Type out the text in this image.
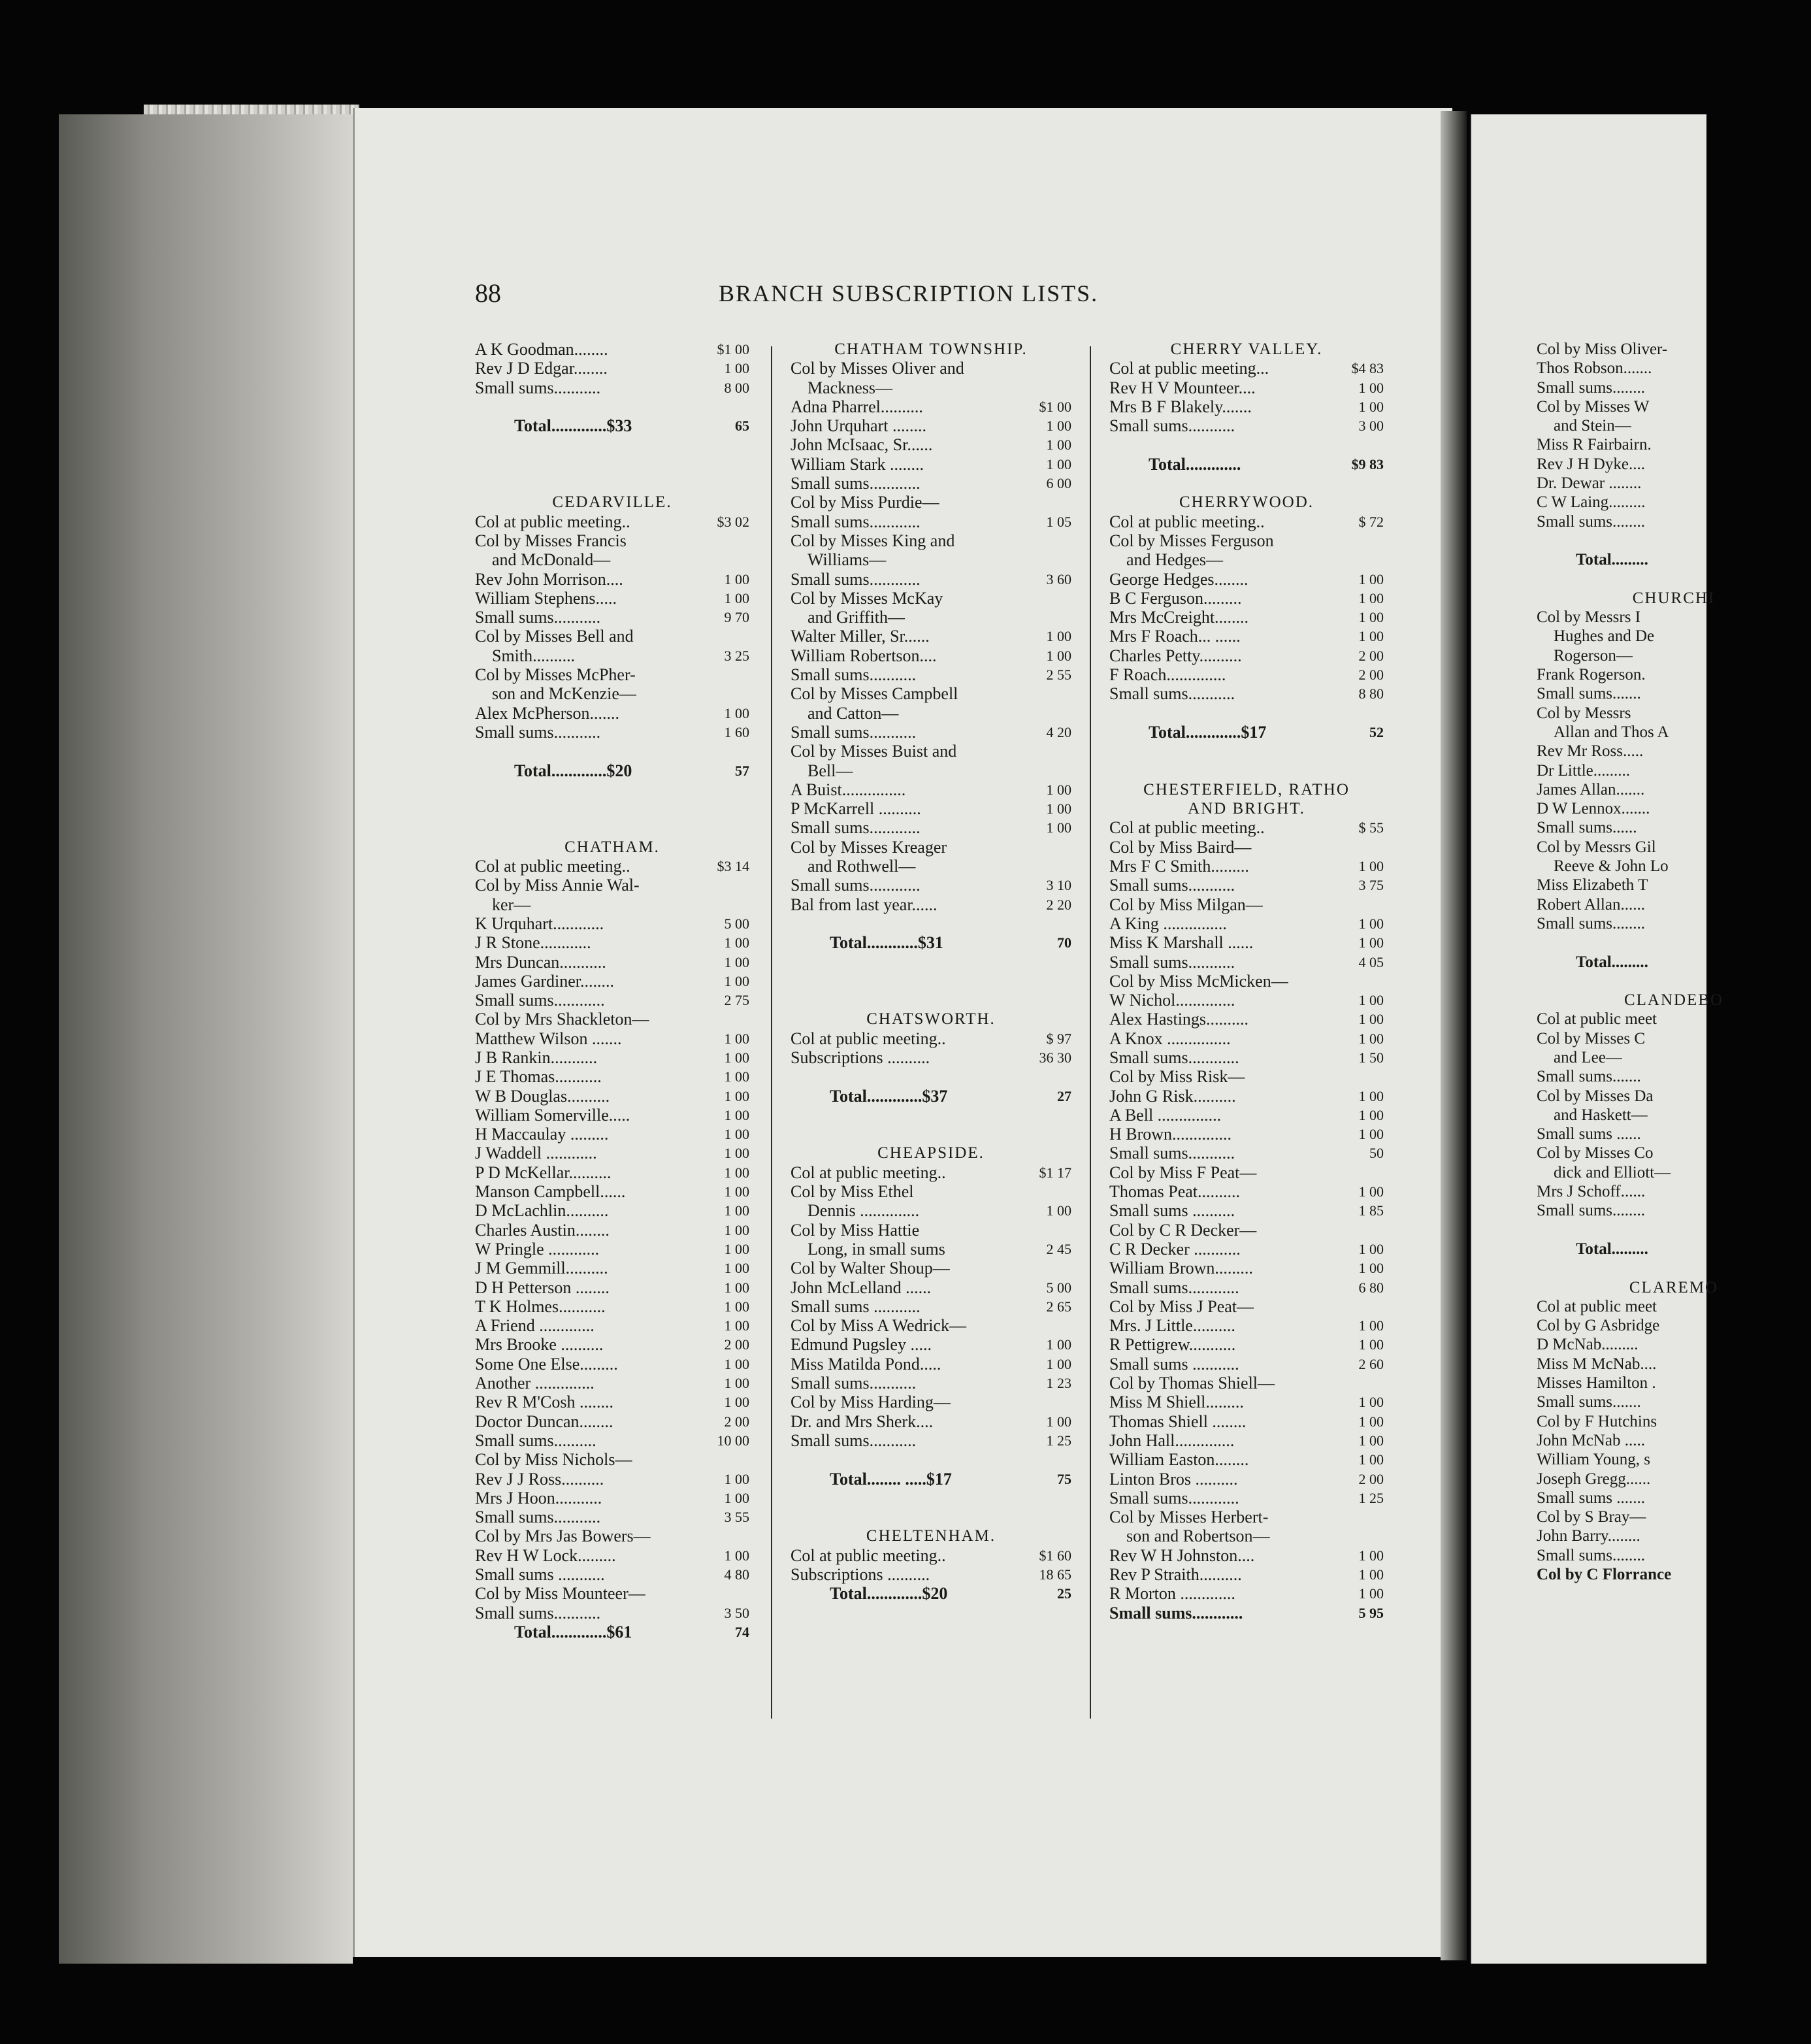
Col by Miss Oliver-
Thos Robson.......
Small sums........
Col by Misses W
and Stein—
Miss R Fairbairn.
Rev J H Dyke....
Dr. Dewar ........
C W Laing.........
Small sums........
Total.........
CHURCHI
Col by Messrs I
Hughes and De
Rogerson—
Frank Rogerson.
Small sums.......
Col by Messrs
Allan and Thos A
Rev Mr Ross.....
Dr Little.........
James Allan.......
D W Lennox.......
Small sums......
Col by Messrs Gil
Reeve & John Lo
Miss Elizabeth T
Robert Allan......
Small sums........
Total.........
CLANDEBO
Col at public meet
Col by Misses C
and Lee—
Small sums.......
Col by Misses Da
and Haskett—
Small sums ......
Col by Misses Co
dick and Elliott—
Mrs J Schoff......
Small sums........
Total.........
CLAREMO
Col at public meet
Col by G Asbridge
D McNab.........
Miss M McNab....
Misses Hamilton .
Small sums.......
Col by F Hutchins
John McNab .....
William Young, s
Joseph Gregg......
Small sums .......
Col by S Bray—
John Barry........
Small sums........
Col by C Florrance
88	BRANCH SUBSCRIPTION LISTS.
A K Goodman........	$1 00
Rev J D Edgar........	1 00
Small sums...........	8 00
Total.............$33	65
CEDARVILLE.
Col at public meeting..	$3 02
Col by Misses Francis
and McDonald—
Rev John Morrison....	1 00
William Stephens.....	1 00
Small sums...........	9 70
Col by Misses Bell and
Smith..........	3 25
Col by Misses McPher-
son and McKenzie—
Alex McPherson.......	1 00
Small sums...........	1 60
Total.............$20	57
CHATHAM.
Col at public meeting..	$3 14
Col by Miss Annie Wal-
ker—
K Urquhart............	5 00
J R Stone............	1 00
Mrs Duncan...........	1 00
James Gardiner........	1 00
Small sums............	2 75
Col by Mrs Shackleton—
Matthew Wilson .......	1 00
J B Rankin...........	1 00
J E Thomas...........	1 00
W B Douglas..........	1 00
William Somerville.....	1 00
H Maccaulay .........	1 00
J Waddell ............	1 00
P D McKellar..........	1 00
Manson Campbell......	1 00
D McLachlin..........	1 00
Charles Austin........	1 00
W Pringle ............	1 00
J M Gemmill..........	1 00
D H Petterson ........	1 00
T K Holmes...........	1 00
A Friend .............	1 00
Mrs Brooke ..........	2 00
Some One Else.........	1 00
Another ..............	1 00
Rev R M'Cosh ........	1 00
Doctor Duncan........	2 00
Small sums..........	10 00
Col by Miss Nichols—
Rev J J Ross..........	1 00
Mrs J Hoon...........	1 00
Small sums...........	3 55
Col by Mrs Jas Bowers—
Rev H W Lock.........	1 00
Small sums ...........	4 80
Col by Miss Mounteer—
Small sums...........	3 50
Total.............$61	74
CHATHAM TOWNSHIP.
Col by Misses Oliver and
Mackness—
Adna Pharrel..........	$1 00
John Urquhart ........	1 00
John McIsaac, Sr......	1 00
William Stark ........	1 00
Small sums............	6 00
Col by Miss Purdie—
Small sums............	1 05
Col by Misses King and
Williams—
Small sums............	3 60
Col by Misses McKay
and Griffith—
Walter Miller, Sr......	1 00
William Robertson....	1 00
Small sums...........	2 55
Col by Misses Campbell
and Catton—
Small sums...........	4 20
Col by Misses Buist and
Bell—
A Buist...............	1 00
P McKarrell ..........	1 00
Small sums............	1 00
Col by Misses Kreager
and Rothwell—
Small sums............	3 10
Bal from last year......	2 20
Total............$31	70
CHATSWORTH.
Col at public meeting..	$ 97
Subscriptions ..........	36 30
Total.............$37	27
CHEAPSIDE.
Col at public meeting..	$1 17
Col by Miss Ethel
Dennis ..............	1 00
Col by Miss Hattie
Long, in small sums	2 45
Col by Walter Shoup—
John McLelland ......	5 00
Small sums ...........	2 65
Col by Miss A Wedrick—
Edmund Pugsley .....	1 00
Miss Matilda Pond.....	1 00
Small sums...........	1 23
Col by Miss Harding—
Dr. and Mrs Sherk....	1 00
Small sums...........	1 25
Total........ .....$17	75
CHELTENHAM.
Col at public meeting..	$1 60
Subscriptions ..........	18 65
Total.............$20	25
CHERRY VALLEY.
Col at public meeting...	$4 83
Rev H V Mounteer....	1 00
Mrs B F Blakely.......	1 00
Small sums...........	3 00
Total.............	$9 83
CHERRYWOOD.
Col at public meeting..	$ 72
Col by Misses Ferguson
and Hedges—
George Hedges........	1 00
B C Ferguson.........	1 00
Mrs McCreight........	1 00
Mrs F Roach... ......	1 00
Charles Petty..........	2 00
F Roach..............	2 00
Small sums...........	8 80
Total.............$17	52
CHESTERFIELD, RATHO
AND BRIGHT.
Col at public meeting..	$ 55
Col by Miss Baird—
Mrs F C Smith.........	1 00
Small sums...........	3 75
Col by Miss Milgan—
A King ...............	1 00
Miss K Marshall ......	1 00
Small sums...........	4 05
Col by Miss McMicken—
W Nichol..............	1 00
Alex Hastings..........	1 00
A Knox ...............	1 00
Small sums............	1 50
Col by Miss Risk—
John G Risk..........	1 00
A Bell ...............	1 00
H Brown..............	1 00
Small sums...........	50
Col by Miss F Peat—
Thomas Peat..........	1 00
Small sums ..........	1 85
Col by C R Decker—
C R Decker ...........	1 00
William Brown.........	1 00
Small sums............	6 80
Col by Miss J Peat—
Mrs. J Little..........	1 00
R Pettigrew...........	1 00
Small sums ...........	2 60
Col by Thomas Shiell—
Miss M Shiell.........	1 00
Thomas Shiell ........	1 00
John Hall..............	1 00
William Easton........	1 00
Linton Bros ..........	2 00
Small sums............	1 25
Col by Misses Herbert-
son and Robertson—
Rev W H Johnston....	1 00
Rev P Straith..........	1 00
R Morton .............	1 00
Small sums............	5 95
